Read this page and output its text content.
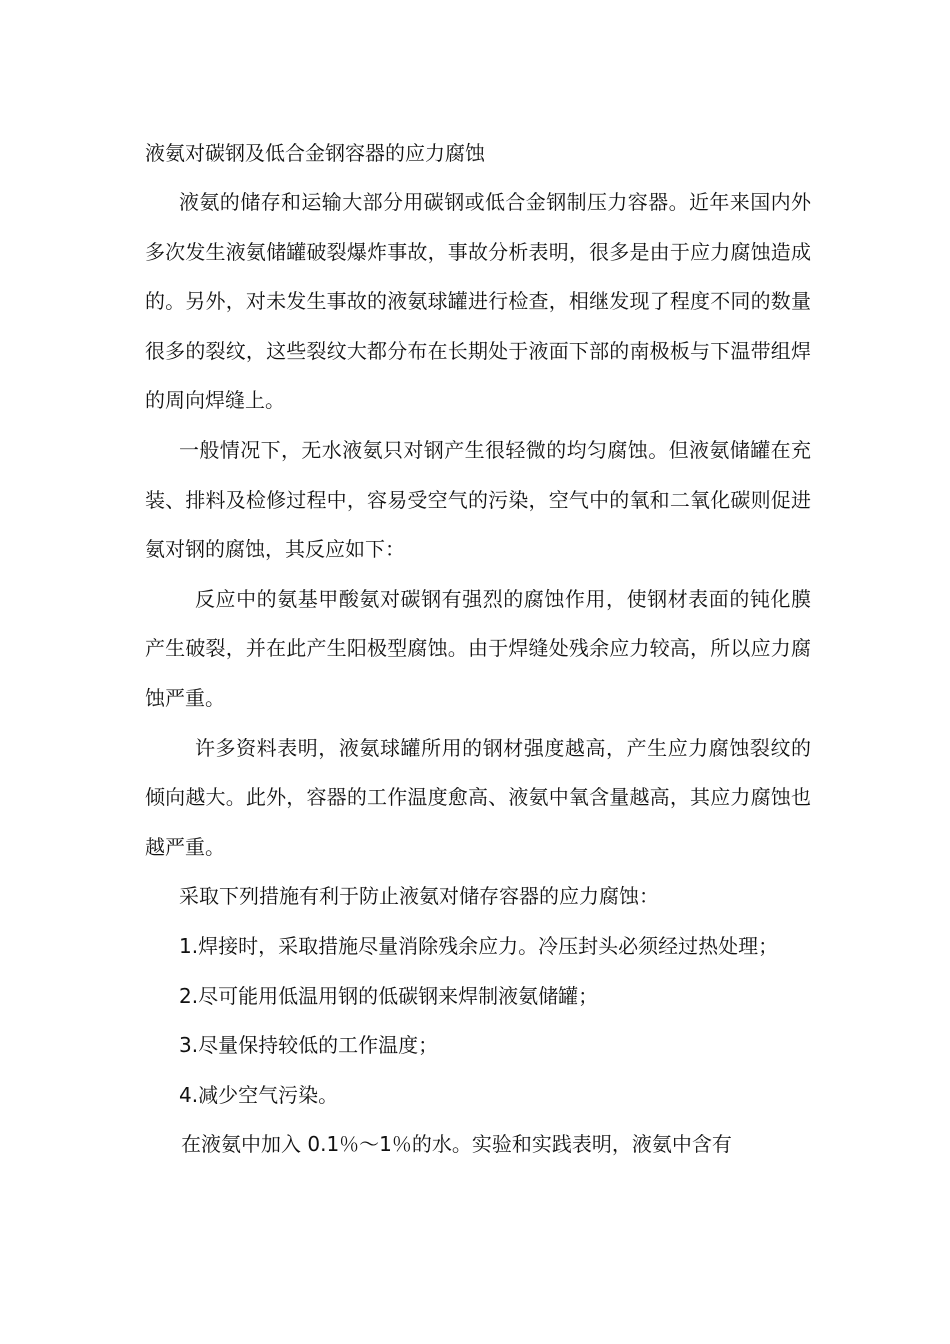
液氨对碳钢及低合金钢容器的应力腐蚀

液氨的储存和运输大部分用碳钢或低合金钢制压力容器。近年来国内外多次发生液氨储罐破裂爆炸事故，事故分析表明，很多是由于应力腐蚀造成的。另外，对未发生事故的液氨球罐进行检查，相继发现了程度不同的数量很多的裂纹，这些裂纹大都分布在长期处于液面下部的南极板与下温带组焊的周向焊缝上。

一般情况下，无水液氨只对钢产生很轻微的均匀腐蚀。但液氨储罐在充装、排料及检修过程中，容易受空气的污染，空气中的氧和二氧化碳则促进氨对钢的腐蚀，其反应如下：

反应中的氨基甲酸氨对碳钢有强烈的腐蚀作用，使钢材表面的钝化膜产生破裂，并在此产生阳极型腐蚀。由于焊缝处残余应力较高，所以应力腐蚀严重。

许多资料表明，液氨球罐所用的钢材强度越高，产生应力腐蚀裂纹的倾向越大。此外，容器的工作温度愈高、液氨中氧含量越高，其应力腐蚀也越严重。

采取下列措施有利于防止液氨对储存容器的应力腐蚀：

1.焊接时，采取措施尽量消除残余应力。冷压封头必须经过热处理；

2.尽可能用低温用钢的低碳钢来焊制液氨储罐；

3.尽量保持较低的工作温度；

4.减少空气污染。

在液氨中加入 0.1％～1％的水。实验和实践表明，液氨中含有
